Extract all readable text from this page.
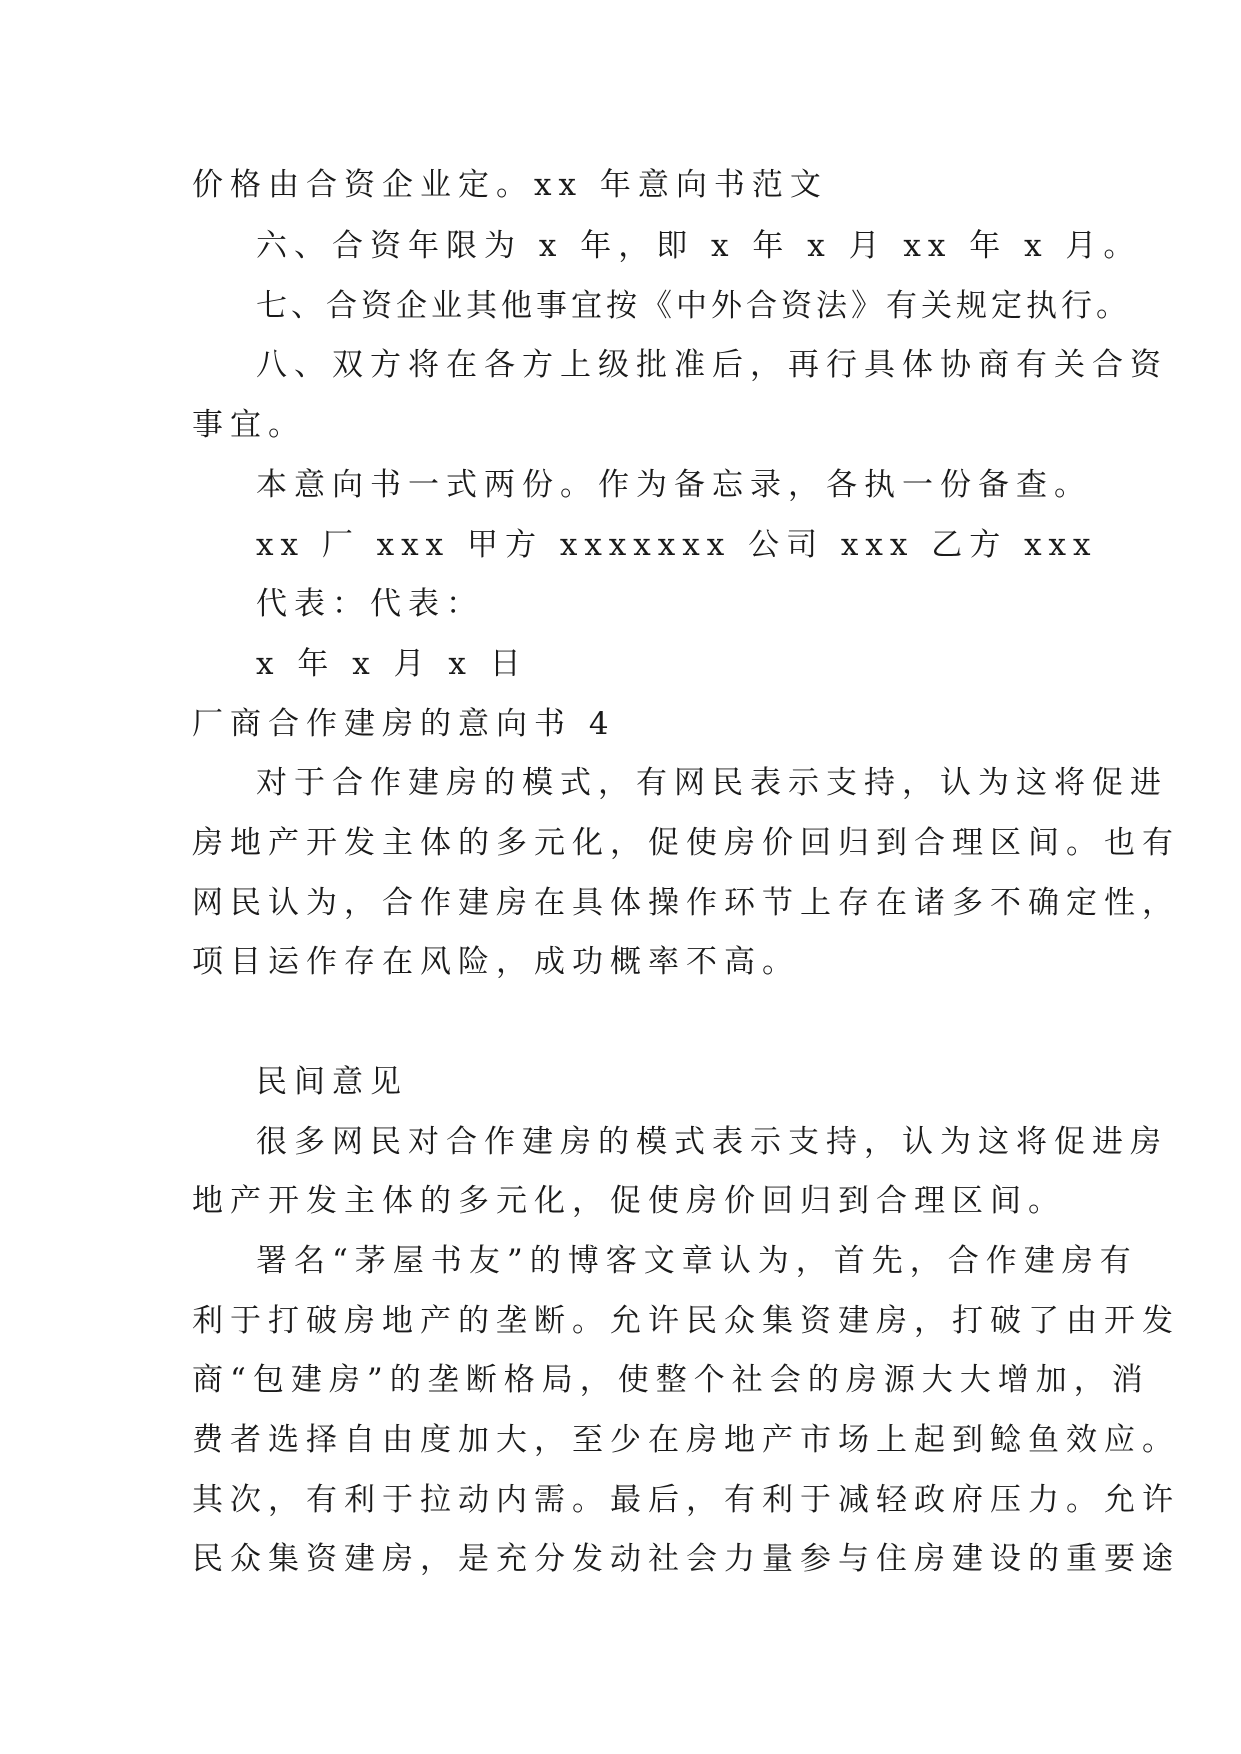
价格由合资企业定。xx 年意向书范文
六、合资年限为 x 年，即 x 年 x 月 xx 年 x 月。
七、合资企业其他事宜按《中外合资法》有关规定执行。
八、双方将在各方上级批准后，再行具体协商有关合资
事宜。
本意向书一式两份。作为备忘录，各执一份备查。
xx 厂 xxx 甲方 xxxxxxx 公司 xxx 乙方 xxx
代表：代表：
x 年 x 月 x 日
厂商合作建房的意向书 4
对于合作建房的模式，有网民表示支持，认为这将促进
房地产开发主体的多元化，促使房价回归到合理区间。也有
网民认为，合作建房在具体操作环节上存在诸多不确定性，
项目运作存在风险，成功概率不高。
民间意见
很多网民对合作建房的模式表示支持，认为这将促进房
地产开发主体的多元化，促使房价回归到合理区间。
署名“茅屋书友”的博客文章认为，首先，合作建房有
利于打破房地产的垄断。允许民众集资建房，打破了由开发
商“包建房”的垄断格局，使整个社会的房源大大增加，消
费者选择自由度加大，至少在房地产市场上起到鲶鱼效应。
其次，有利于拉动内需。最后，有利于减轻政府压力。允许
民众集资建房，是充分发动社会力量参与住房建设的重要途
